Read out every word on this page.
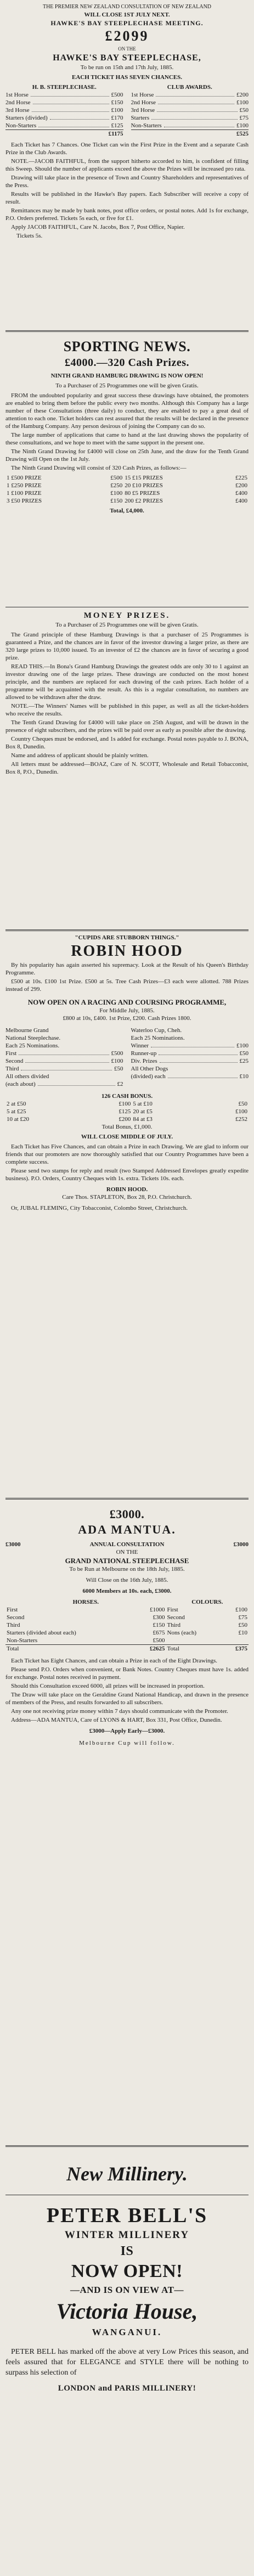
THE PREMIER NEW ZEALAND CONSULTATION OF NEW ZEALAND
WILL CLOSE 1ST JULY NEXT.
HAWKE'S BAY STEEPLECHASE MEETING.
£2099
ON THE
HAWKE'S BAY STEEPLECHASE,
To be run on 15th and 17th July, 1885.
EACH TICKET HAS SEVEN CHANCES.
H. B. STEEPLECHASE.
1st Horse	£500
2nd Horse	£150
3rd Horse	£100
Starters (divided)	£170
Non-Starters	£125
£1175
CLUB AWARDS.
1st Horse	£200
2nd Horse	£100
3rd Horse	£50
Starters	£75
Non-Starters	£100
£525

Each Ticket has 7 Chances. One Ticket can win the First Prize in the Event and a separate Cash Prize in the Club Awards.

NOTE.—JACOB FAITHFUL, from the support hitherto accorded to him, is confident of filling this Sweep. Should the number of applicants exceed the above the Prizes will be increased pro rata.

Drawing will take place in the presence of Town and Country Shareholders and representatives of the Press.

Results will be published in the Hawke's Bay papers. Each Subscriber will receive a copy of result.

Remittances may be made by bank notes, post office orders, or postal notes. Add 1s for exchange, P.O. Orders preferred. Tickets 5s each, or five for £1.

Apply JACOB FAITHFUL, Care N. Jacobs, Box 7, Post Office, Napier.

Tickets 5s.
SPORTING NEWS.
£4000.—320 Cash Prizes.
NINTH GRAND HAMBURG DRAWING IS NOW OPEN!
To a Purchaser of 25 Programmes one will be given Gratis.

FROM the undoubted popularity and great success these drawings have obtained, the promoters are enabled to bring them before the public every two months. Although this Company has a large number of these Consultations (three daily) to conduct, they are enabled to pay a great deal of attention to each one. Ticket holders can rest assured that the results will be declared in the presence of the Hamburg Company. Any person desirous of joining the Company can do so.

The large number of applications that came to hand at the last drawing shows the popularity of these consultations, and we hope to meet with the same support in the present one.

The Ninth Grand Drawing for £4000 will close on 25th June, and the draw for the Tenth Grand Drawing will Open on the 1st July.

The Ninth Grand Drawing will consist of 320 Cash Prizes, as follows:—

1 £500 PRIZE	£500	15 £15 PRIZES	£225
1 £250 PRIZE	£250	20 £10 PRIZES	£200
1 £100 PRIZE	£100	80 £5 PRIZES	£400
3 £50 PRIZES	£150	200 £2 PRIZES	£400
Total, £4,000.
MONEY PRIZES.
To a Purchaser of 25 Programmes one will be given Gratis.

The Grand principle of these Hamburg Drawings is that a purchaser of 25 Programmes is guaranteed a Prize, and the chances are in favor of the investor drawing a larger prize, as there are 320 large prizes to 10,000 issued. To an investor of £2 the chances are in favor of securing a good prize.

READ THIS.—In Bona's Grand Hamburg Drawings the greatest odds are only 30 to 1 against an investor drawing one of the large prizes. These drawings are conducted on the most honest principle, and the numbers are replaced for each drawing of the cash prizes. Each holder of a programme will be acquainted with the result. As this is a regular consultation, no numbers are allowed to be withdrawn after the draw.

NOTE.—The Winners' Names will be published in this paper, as well as all the ticket-holders who receive the results.

The Tenth Grand Drawing for £4000 will take place on 25th August, and will be drawn in the presence of eight subscribers, and the prizes will be paid over as early as possible after the drawing.

Country Cheques must be endorsed, and 1s added for exchange. Postal notes payable to J. BONA, Box 8, Dunedin.

Name and address of applicant should be plainly written.

All letters must be addressed—BOAZ, Care of N. SCOTT, Wholesale and Retail Tobacconist, Box 8, P.O., Dunedin.

"CUPIDS ARE STUBBORN THINGS."
ROBIN HOOD

By his popularity has again asserted his supremacy. Look at the Result of his Queen's Birthday Programme.

£500 at 10s. £100 1st Prize. £500 at 5s. Tree Cash Prizes—£3 each were allotted. 788 Prizes instead of 299.

NOW OPEN ON A RACING AND COURSING PROGRAMME,
For Middle July, 1885.
£800 at 10s, £400. 1st Prize, £200. Cash Prizes 1800.
Melbourne Grand
National Steeplechase.
Each 25 Nominations.
First	£500
Second	£100
Third	£50
All others divided
(each about)	£2
Waterloo Cup, Cheh.
Each 25 Nominations.
Winner	£100
Runner-up	£50
Div. Prizes	£25
All Other Dogs
(divided) each	£10
126 CASH BONUS.
2 at £50	£100	5 at £10	£50
5 at £25	£125	20 at £5	£100
10 at £20	£200	84 at £3	£252
Total Bonus, £1,000.
WILL CLOSE MIDDLE OF JULY.

Each Ticket has Five Chances, and can obtain a Prize in each Drawing. We are glad to inform our friends that our promoters are now thoroughly satisfied that our Country Programmes have been a complete success.

Please send two stamps for reply and result (two Stamped Addressed Envelopes greatly expedite business). P.O. Orders, Country Cheques with 1s. extra. Tickets 10s. each.

ROBIN HOOD.
Care Thos. STAPLETON, Box 28, P.O. Christchurch.

Or, JUBAL FLEMING, City Tobacconist, Colombo Street, Christchurch.

£3000.
ADA MANTUA.
£3000	ANNUAL CONSULTATION	£3000
ON THE
GRAND NATIONAL STEEPLECHASE
To be Run at Melbourne on the 18th July, 1885.
Will Close on the 16th July, 1885.
6000 Members at 10s. each, £3000.
HORSES.		COLOURS.	
First	£1000	First	£100
Second	£300	Second	£75
Third	£150	Third	£50
Starters (divided about each)	£675	Nons (each)	£10
Non-Starters	£500		
Total	£2625	Total	£375

Each Ticket has Eight Chances, and can obtain a Prize in each of the Eight Drawings.

Please send P.O. Orders when convenient, or Bank Notes. Country Cheques must have 1s. added for exchange. Postal notes received in payment.

Should this Consultation exceed 6000, all prizes will be increased in proportion.

The Draw will take place on the Geraldine Grand National Handicap, and drawn in the presence of members of the Press, and results forwarded to all subscribers.

Any one not receiving prize money within 7 days should communicate with the Promoter.

Address—ADA MANTUA, Care of LYONS & HART, Box 331, Post Office, Dunedin.

£3000—Apply Early—£3000.
Melbourne Cup will follow.
New Millinery.
PETER BELL'S
WINTER MILLINERY
IS
NOW OPEN!
—AND IS ON VIEW AT—
Victoria House,
WANGANUI.

PETER BELL has marked off the above at very Low Prices this season, and feels assured that for ELEGANCE and STYLE there will be nothing to surpass his selection of

LONDON and PARIS MILLINERY!
